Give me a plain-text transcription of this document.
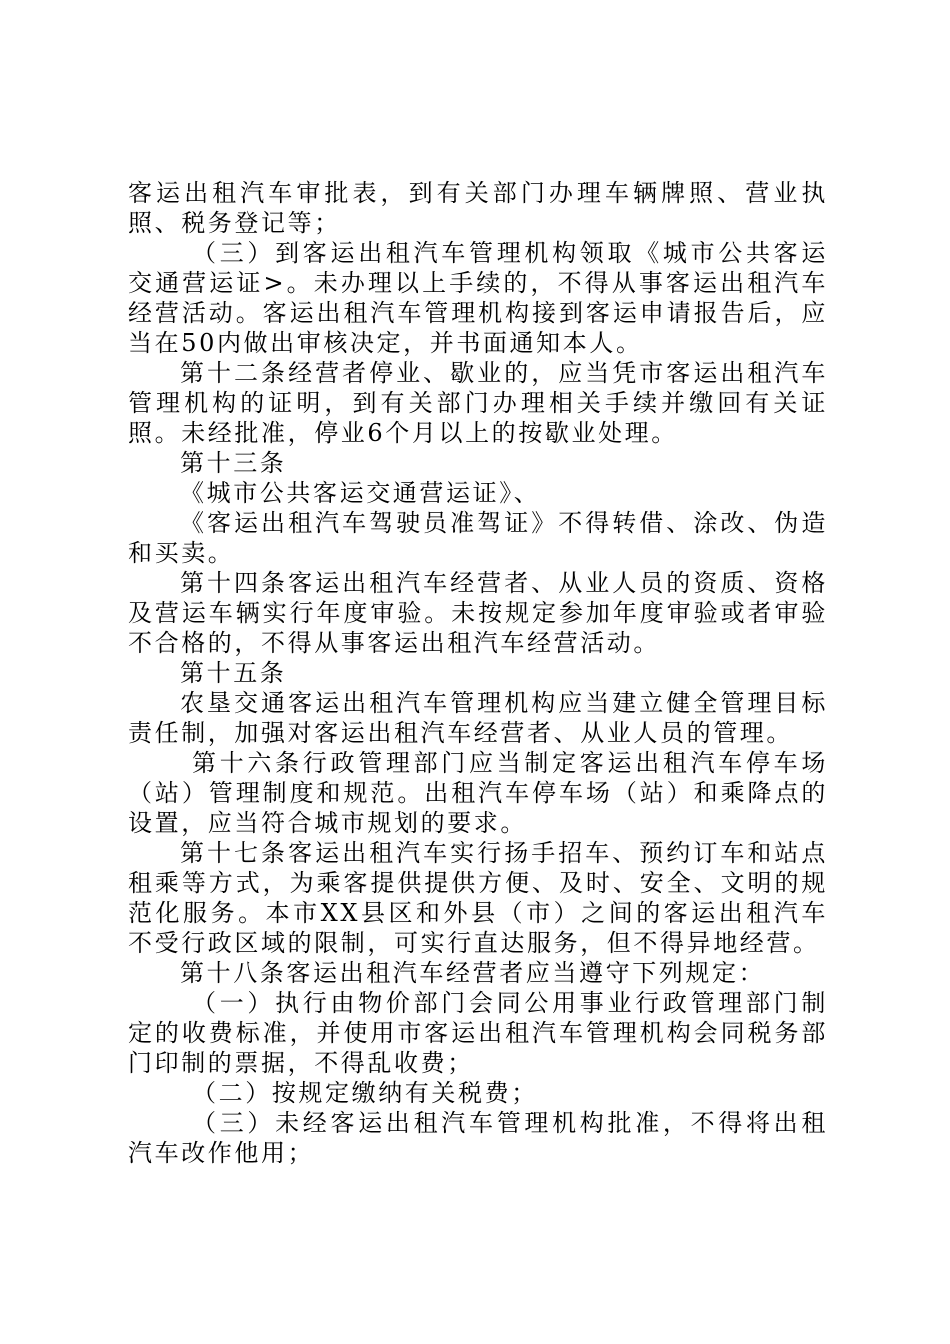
客运出租汽车审批表，到有关部门办理车辆牌照、营业执照、税务登记等；

（三）到客运出租汽车管理机构领取《城市公共客运交通营运证>。未办理以上手续的，不得从事客运出租汽车经营活动。客运出租汽车管理机构接到客运申请报告后，应当在50内做出审核决定，并书面通知本人。

第十二条经营者停业、歇业的，应当凭市客运出租汽车管理机构的证明，到有关部门办理相关手续并缴回有关证照。未经批准，停业6个月以上的按歇业处理。

第十三条

《城市公共客运交通营运证》、

《客运出租汽车驾驶员准驾证》不得转借、涂改、伪造和买卖。

第十四条客运出租汽车经营者、从业人员的资质、资格及营运车辆实行年度审验。未按规定参加年度审验或者审验不合格的，不得从事客运出租汽车经营活动。

第十五条

农垦交通客运出租汽车管理机构应当建立健全管理目标责任制，加强对客运出租汽车经营者、从业人员的管理。

第十六条行政管理部门应当制定客运出租汽车停车场（站）管理制度和规范。出租汽车停车场（站）和乘降点的设置，应当符合城市规划的要求。

第十七条客运出租汽车实行扬手招车、预约订车和站点租乘等方式，为乘客提供提供方便、及时、安全、文明的规范化服务。本市XX县区和外县（市）之间的客运出租汽车不受行政区域的限制，可实行直达服务，但不得异地经营。

第十八条客运出租汽车经营者应当遵守下列规定：

（一）执行由物价部门会同公用事业行政管理部门制定的收费标准，并使用市客运出租汽车管理机构会同税务部门印制的票据，不得乱收费；

（二）按规定缴纳有关税费；

（三）未经客运出租汽车管理机构批准，不得将出租汽车改作他用；
